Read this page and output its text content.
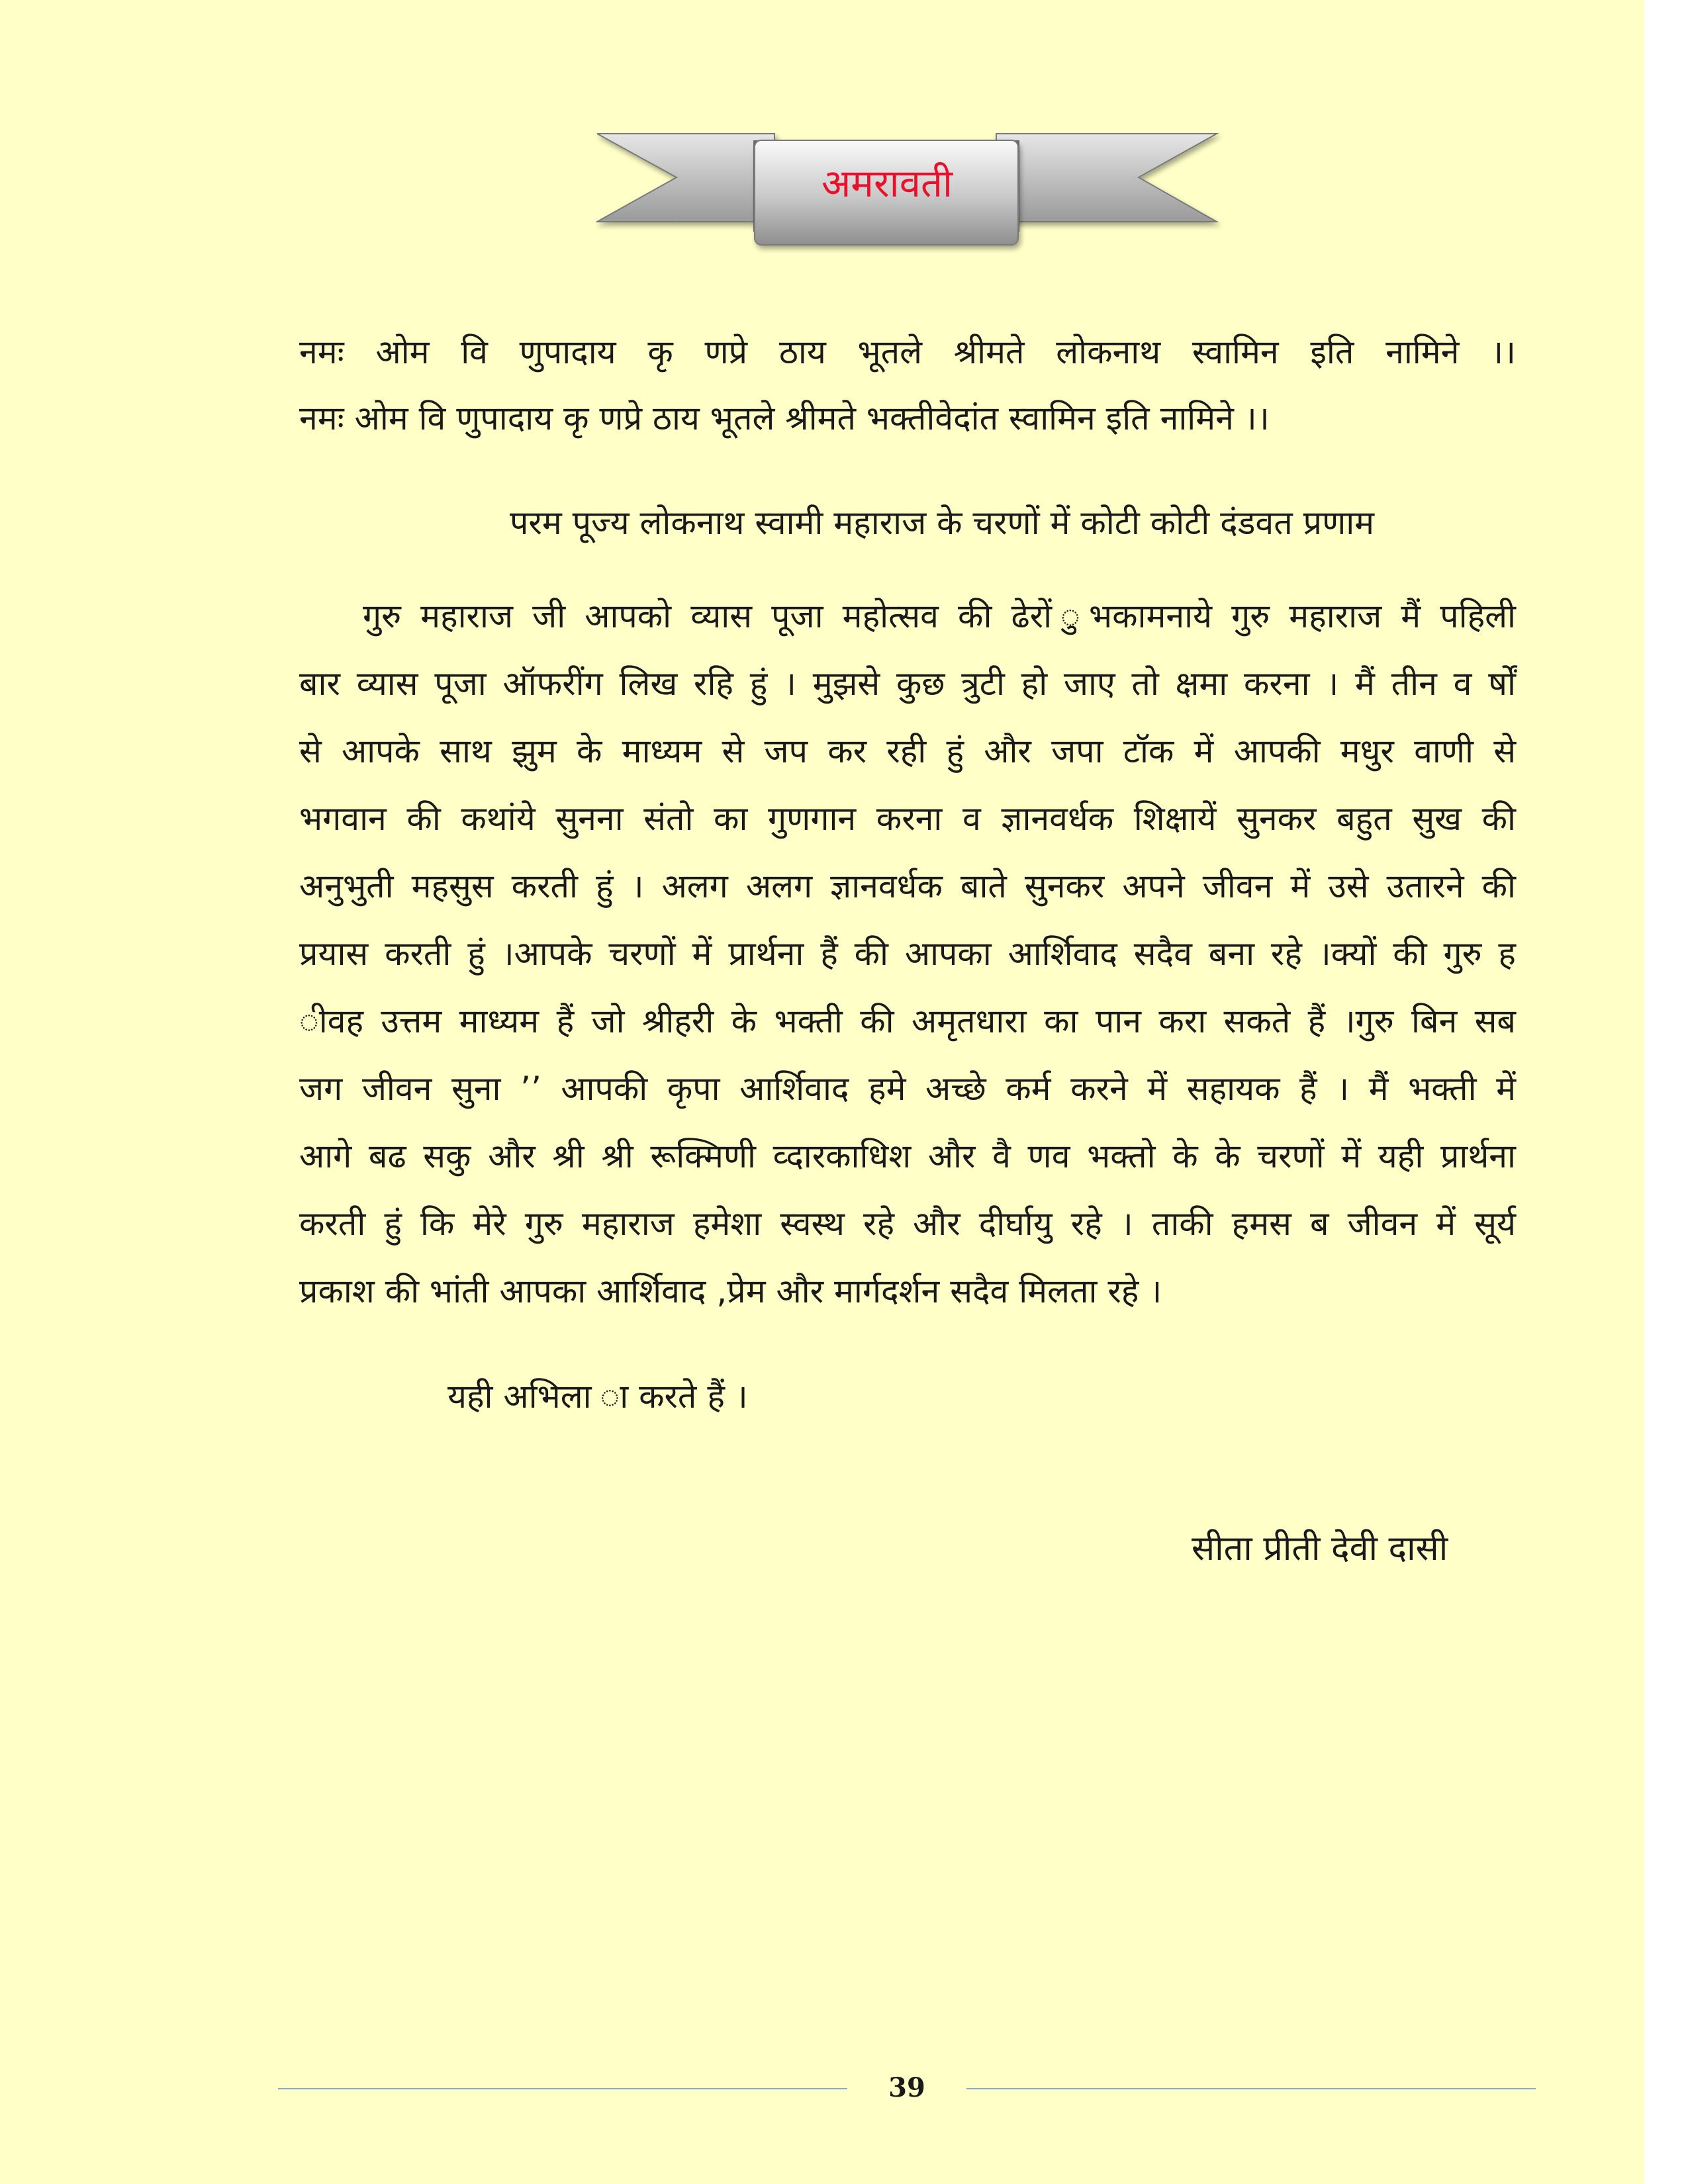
अमरावती
नमः ओम वि णुपादाय कृ णप्रे ठाय भूतले श्रीमते लोकनाथ स्वामिन इति नामिने ।।
नमः ओम वि णुपादाय कृ णप्रे ठाय भूतले श्रीमते भक्तीवेदांत स्वामिन इति नामिने ।।
परम पूज्य लोकनाथ स्वामी महाराज के चरणों में कोटी कोटी दंडवत प्रणाम
गुरु महाराज जी आपको व्यास पूजा महोत्सव की ढेरों ुभकामनाये गुरु महाराज मैं पहिली
बार व्यास पूजा ऑफरींग लिख रहि हुं । मुझसे कुछ त्रुटी हो जाए तो क्षमा करना । मैं तीन व र्षों
से आपके साथ झुम के माध्यम से जप कर रही हुं और जपा टॉक में आपकी मधुर वाणी से
भगवान की कथांये सुनना संतो का गुणगान करना व ज्ञानवर्धक शिक्षायें सुनकर बहुत सुख की
अनुभुती महसुस करती हुं । अलग अलग ज्ञानवर्धक बाते सुनकर अपने जीवन में उसे उतारने की
प्रयास करती हुं ।आपके चरणों में प्रार्थना हैं की आपका आर्शिवाद सदैव बना रहे ।क्यों की गुरु ह
ीवह उत्तम माध्यम हैं जो श्रीहरी के भक्ती की अमृतधारा का पान करा सकते हैं ।गुरु बिन सब
जग जीवन सुना ’’ आपकी कृपा आर्शिवाद हमे अच्छे कर्म करने में सहायक हैं । मैं भक्ती में
आगे बढ सकु और श्री श्री रूक्मिणी व्दारकाधिश और वै णव भक्तो के के चरणों में यही प्रार्थना
करती हुं कि मेरे गुरु महाराज हमेशा स्वस्थ रहे और दीर्घायु रहे । ताकी हमस ब जीवन में सूर्य
प्रकाश की भांती आपका आर्शिवाद ,प्रेम और मार्गदर्शन सदैव मिलता रहे ।
यही अभिला ा करते हैं ।
सीता प्रीती देवी दासी
39
